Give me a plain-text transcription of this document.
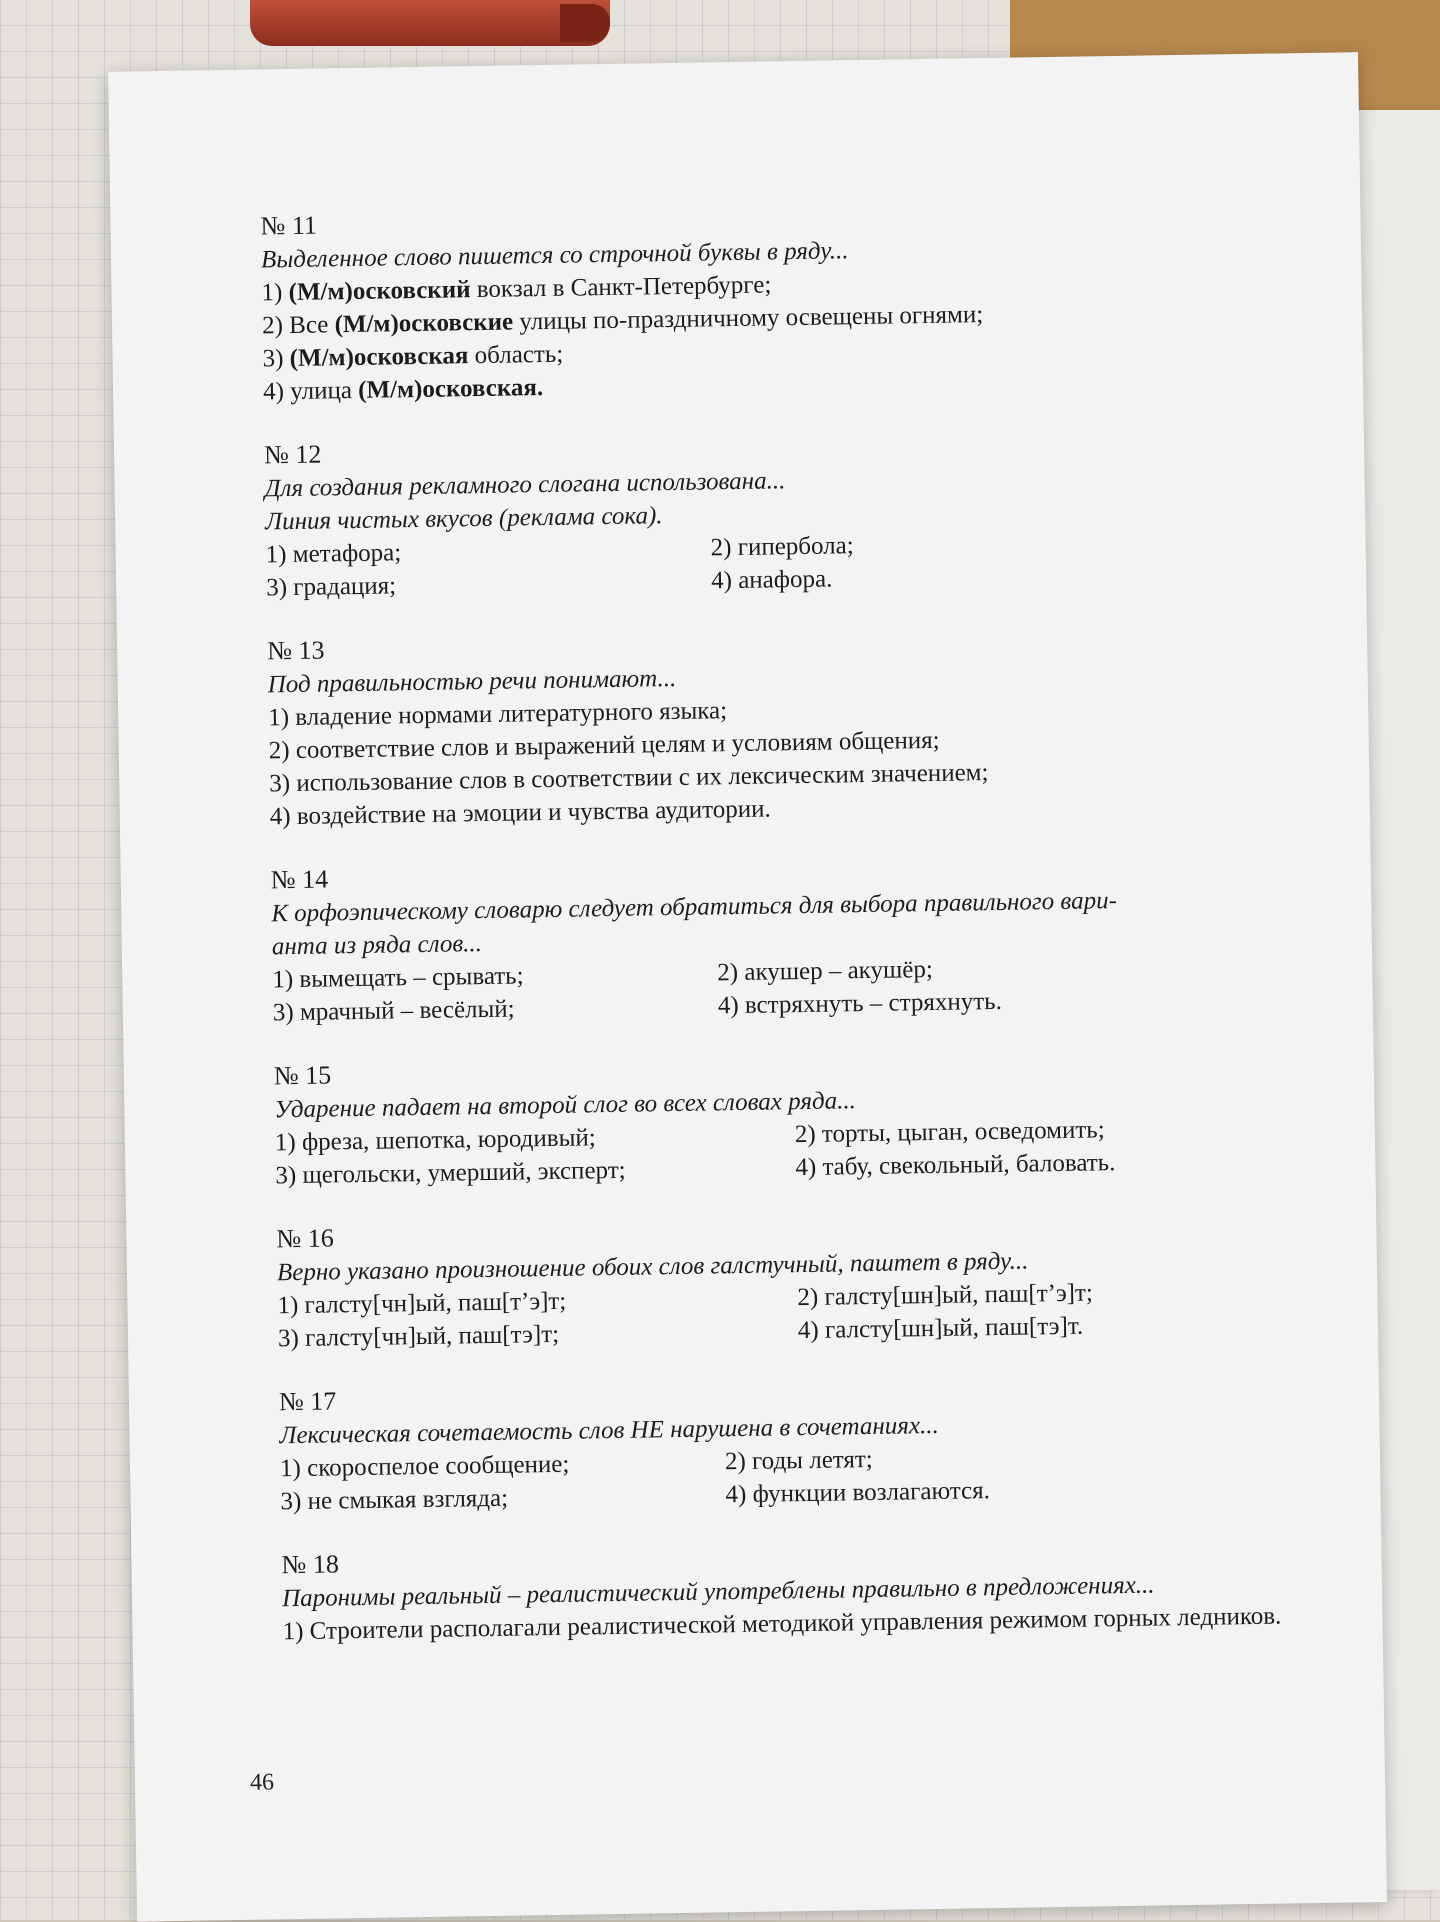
№ 11
Выделенное слово пишется со строчной буквы в ряду...
1) (М/м)осковский вокзал в Санкт-Петербурге;
2) Все (М/м)осковские улицы по-праздничному освещены огнями;
3) (М/м)осковская область;
4) улица (М/м)осковская.
№ 12
Для создания рекламного слогана использована...
Линия чистых вкусов (реклама сока).
1) метафора;	2) гипербола;
3) градация;	4) анафора.
№ 13
Под правильностью речи понимают...
1) владение нормами литературного языка;
2) соответствие слов и выражений целям и условиям общения;
3) использование слов в соответствии с их лексическим значением;
4) воздействие на эмоции и чувства аудитории.
№ 14
К орфоэпическому словарю следует обратиться для выбора правильного вари-
анта из ряда слов...
1) вымещать – срывать;	2) акушер – акушёр;
3) мрачный – весёлый;	4) встряхнуть – стряхнуть.
№ 15
Ударение падает на второй слог во всех словах ряда...
1) фреза, шепотка, юродивый;	2) торты, цыган, осведомить;
3) щегольски, умерший, эксперт;	4) табу, свекольный, баловать.
№ 16
Верно указано произношение обоих слов галстучный, паштет в ряду...
1) галсту[чн]ый, паш[т’э]т;	2) галсту[шн]ый, паш[т’э]т;
3) галсту[чн]ый, паш[тэ]т;	4) галсту[шн]ый, паш[тэ]т.
№ 17
Лексическая сочетаемость слов НЕ нарушена в сочетаниях...
1) скороспелое сообщение;	2) годы летят;
3) не смыкая взгляда;	4) функции возлагаются.
№ 18
Паронимы реальный – реалистический употреблены правильно в предложениях...
1) Строители располагали реалистической методикой управления режимом горных ледников.
46
